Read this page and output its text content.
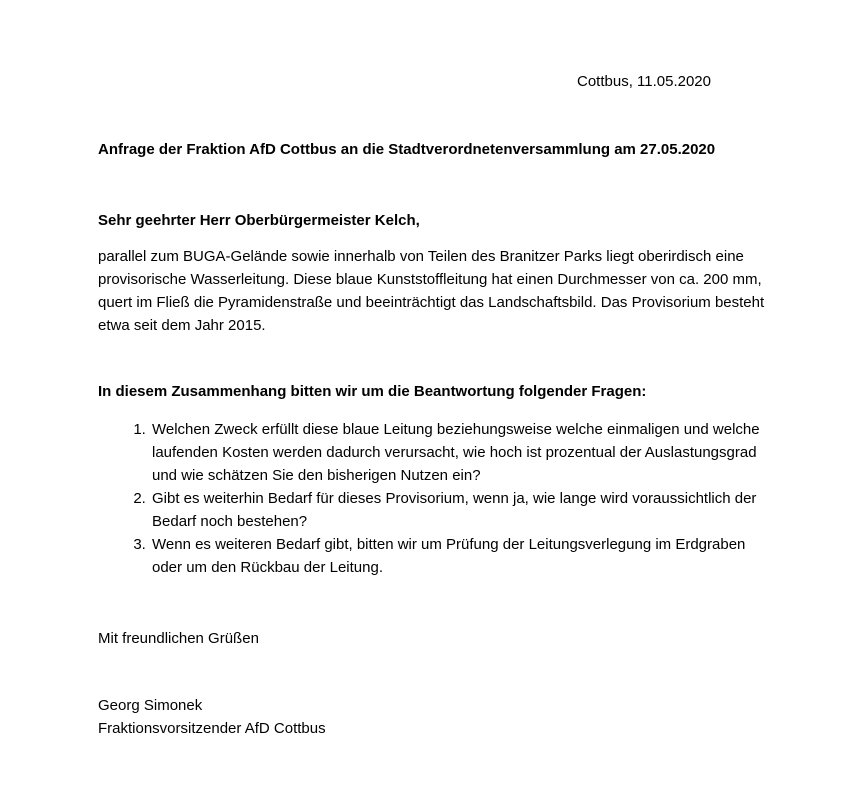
Cottbus, 11.05.2020
Anfrage der Fraktion AfD Cottbus an die Stadtverordnetenversammlung am 27.05.2020
Sehr geehrter Herr Oberbürgermeister Kelch,

parallel zum BUGA-Gelände sowie innerhalb von Teilen des Branitzer Parks liegt oberirdisch eine provisorische Wasserleitung. Diese blaue Kunststoffleitung hat einen Durchmesser von ca. 200 mm, quert im Fließ die Pyramidenstraße und beeinträchtigt das Landschaftsbild. Das Provisorium besteht etwa seit dem Jahr 2015.

In diesem Zusammenhang bitten wir um die Beantwortung folgender Fragen:
1. Welchen Zweck erfüllt diese blaue Leitung beziehungsweise welche einmaligen und welche laufenden Kosten werden dadurch verursacht, wie hoch ist prozentual der Auslastungsgrad und wie schätzen Sie den bisherigen Nutzen ein?
2. Gibt es weiterhin Bedarf für dieses Provisorium, wenn ja, wie lange wird voraussichtlich der Bedarf noch bestehen?
3. Wenn es weiteren Bedarf gibt, bitten wir um Prüfung der Leitungsverlegung im Erdgraben oder um den Rückbau der Leitung.
Mit freundlichen Grüßen
Georg Simonek
Fraktionsvorsitzender AfD Cottbus
